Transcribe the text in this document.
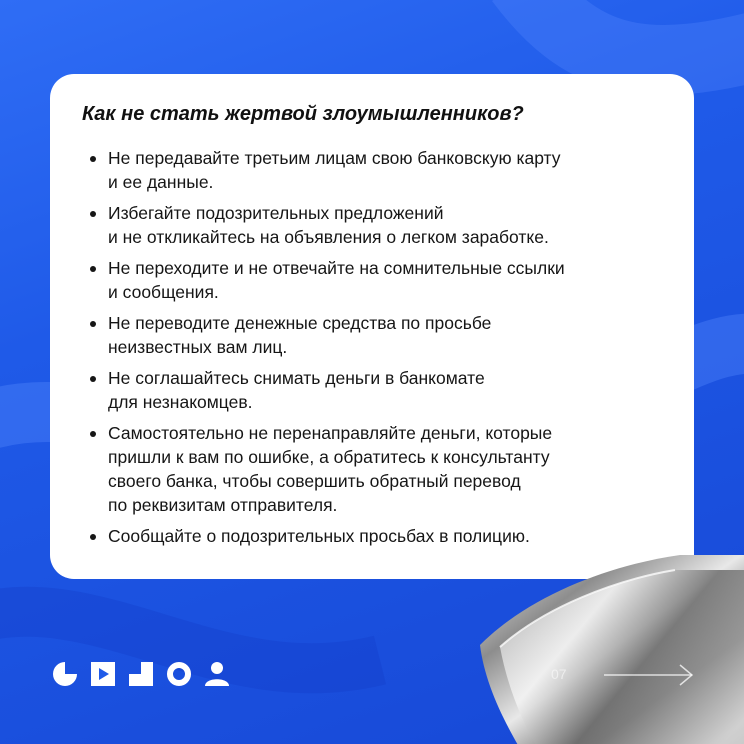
Как не стать жертвой злоумышленников?
Не передавайте третьим лицам свою банковскую карту
и ее данные.
Избегайте подозрительных предложений
и не откликайтесь на объявления о легком заработке.
Не переходите и не отвечайте на сомнительные ссылки
и сообщения.
Не переводите денежные средства по просьбе
неизвестных вам лиц.
Не соглашайтесь снимать деньги в банкомате
для незнакомцев.
Самостоятельно не перенаправляйте деньги, которые
пришли к вам по ошибке, а обратитесь к консультанту
своего банка, чтобы совершить обратный перевод
по реквизитам отправителя.
Сообщайте о подозрительных просьбах в полицию.
07
